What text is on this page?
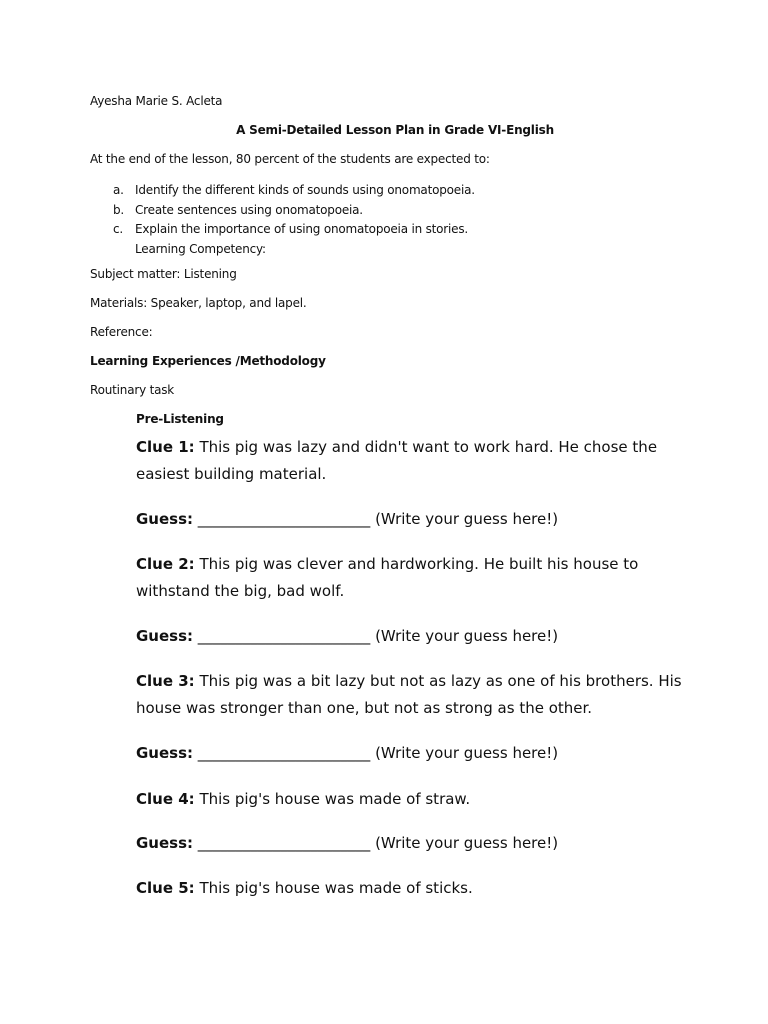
Ayesha Marie S. Acleta
A Semi-Detailed Lesson Plan in Grade VI-English
At the end of the lesson, 80 percent of the students are expected to:
a. Identify the different kinds of sounds using onomatopoeia.
b. Create sentences using onomatopoeia.
c. Explain the importance of using onomatopoeia in stories.
Learning Competency:
Subject matter: Listening
Materials: Speaker, laptop, and lapel.
Reference:
Learning Experiences /Methodology
Routinary task
Pre-Listening
Clue 1: This pig was lazy and didn't want to work hard. He chose the easiest building material.
Guess: _______________________ (Write your guess here!)
Clue 2: This pig was clever and hardworking. He built his house to withstand the big, bad wolf.
Guess: _______________________ (Write your guess here!)
Clue 3: This pig was a bit lazy but not as lazy as one of his brothers. His house was stronger than one, but not as strong as the other.
Guess: _______________________ (Write your guess here!)
Clue 4: This pig's house was made of straw.
Guess: _______________________ (Write your guess here!)
Clue 5: This pig's house was made of sticks.
